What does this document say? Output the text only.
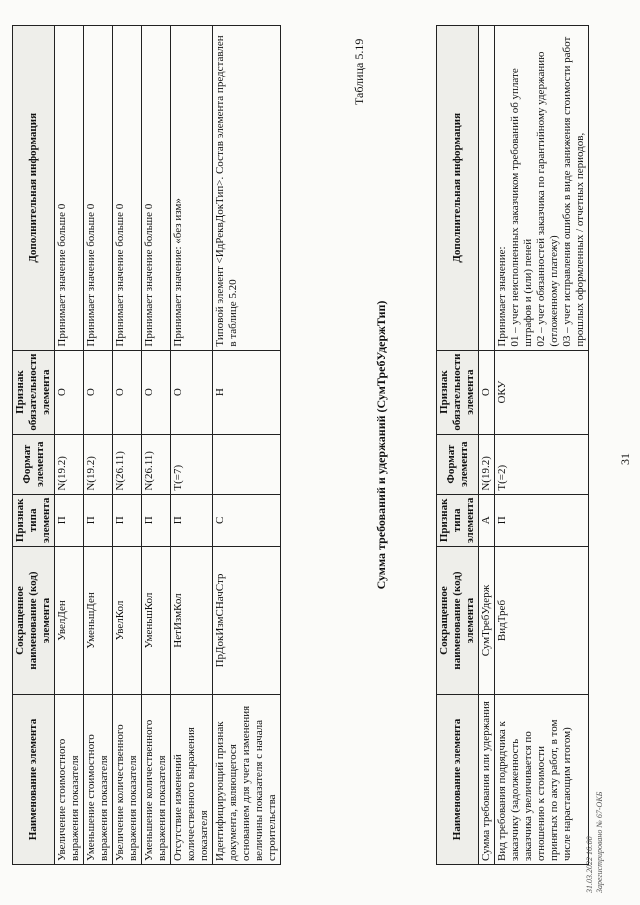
31
Наименование элемента	Сокращенное наименование (код) элемента	Признак типа элемента	Формат элемента	Признак обязательности элемента	Дополнительная информация
Увеличение стоимостного выражения показателя	УвелДен	П	N(19.2)	О	Принимает значение больше 0
Уменьшение стоимостного выражения показателя	УменьшДен	П	N(19.2)	О	Принимает значение больше 0
Увеличение количественного выражения показателя	УвелКол	П	N(26.11)	О	Принимает значение больше 0
Уменьшение количественного выражения показателя	УменьшКол	П	N(26.11)	О	Принимает значение больше 0
Отсутствие изменений количественного выражения показателя	НетИзмКол	П	T(=7)	О	Принимает значение: «без изм»
Идентифицирующий признак документа, являющегося основанием для учета изменения величины показателя с начала строительства	ПрДокИзмСНачСтр	С		Н	Типовой элемент <ИдРеквДокТип>. Состав элемента представлен в таблице 5.20
Таблица 5.19
Сумма требований и удержаний (СумТребУдержТип)
Наименование элемента	Сокращенное наименование (код) элемента	Признак типа элемента	Формат элемента	Признак обязательности элемента	Дополнительная информация
Сумма требования или удержания	СумТребУдерж	А	N(19.2)	О	
Вид требования подрядчика к заказчику (задолженность заказчика увеличивается по отношению к стоимости принятых по акту работ, в том числе нарастающим итогом)	ВидТреб	П	T(=2)	ОКУ	Принимает значение:
01 – учет неисполненных заказчиком требований об уплате штрафов и (или) пеней
02 – учет обязанностей заказчика по гарантийному удержанию (отложенному платежу)
03 – учет исправления ошибок в виде занижения стоимости работ прошлых оформленных / отчетных периодов,
31.03.2022 16:00 Зарегистрировано № 67-ОКБ
